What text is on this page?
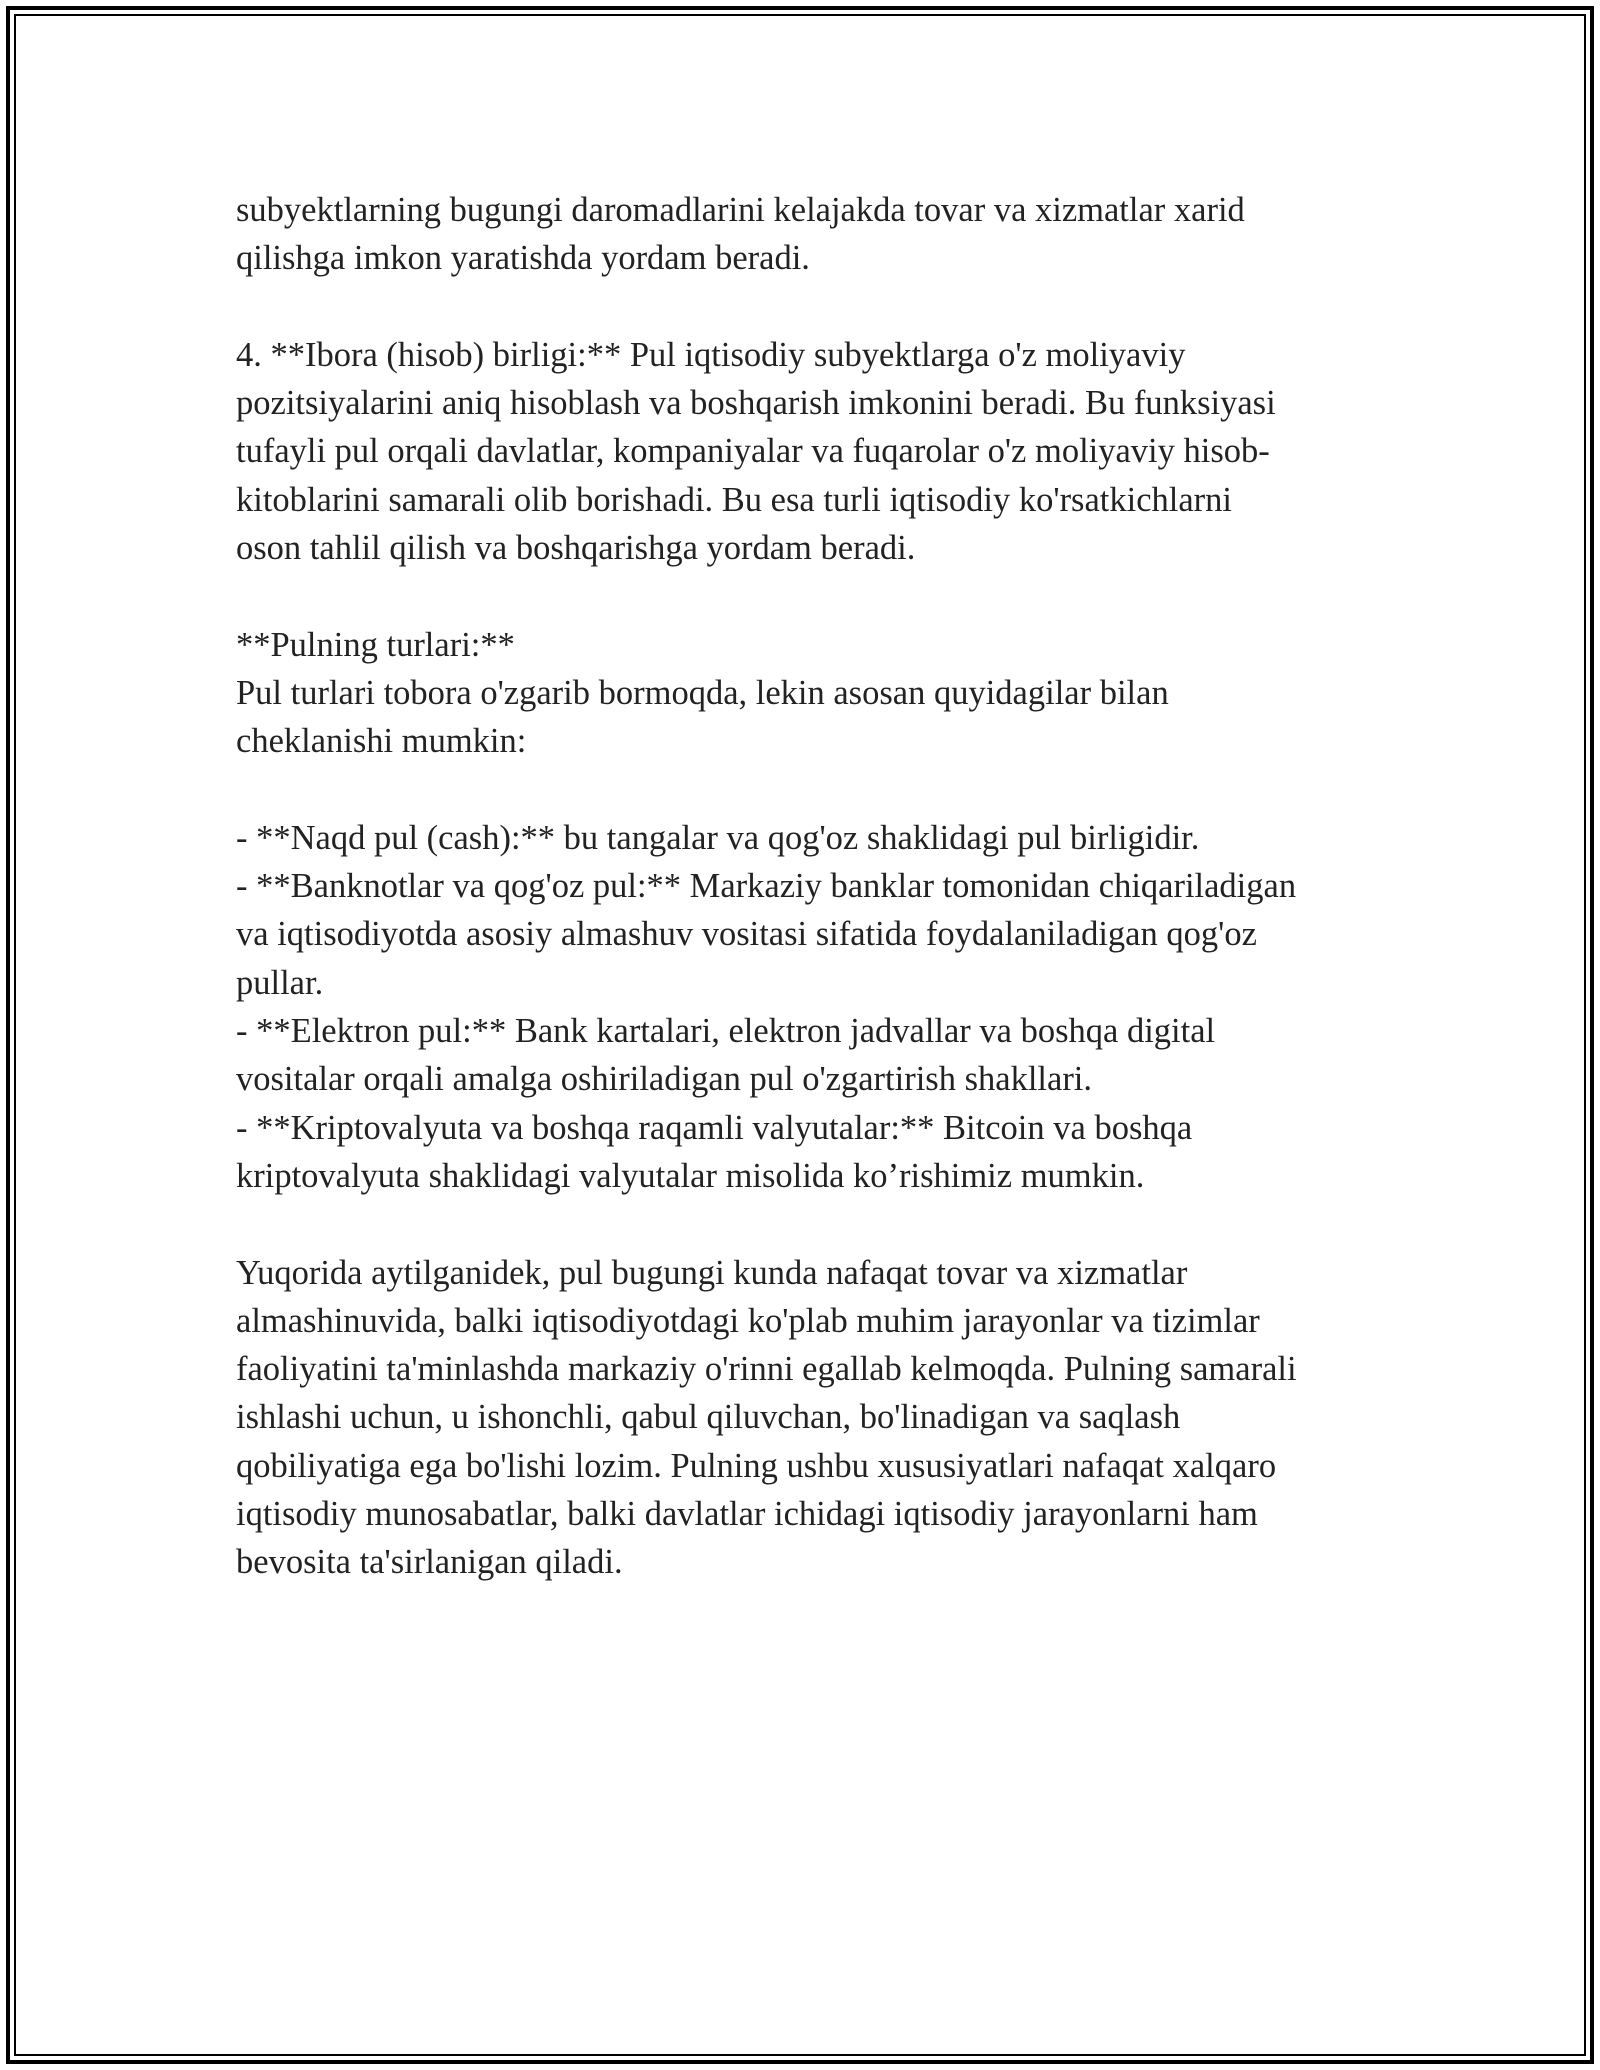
subyektlarning bugungi daromadlarini kelajakda tovar va xizmatlar xarid
qilishga imkon yaratishda yordam beradi.
4. **Ibora (hisob) birligi:** Pul iqtisodiy subyektlarga o'z moliyaviy
pozitsiyalarini aniq hisoblash va boshqarish imkonini beradi. Bu funksiyasi
tufayli pul orqali davlatlar, kompaniyalar va fuqarolar o'z moliyaviy hisob-
kitoblarini samarali olib borishadi. Bu esa turli iqtisodiy ko'rsatkichlarni
oson tahlil qilish va boshqarishga yordam beradi.
**Pulning turlari:**
Pul turlari tobora o'zgarib bormoqda, lekin asosan quyidagilar bilan
cheklanishi mumkin:
- **Naqd pul (cash):** bu tangalar va qog'oz shaklidagi pul birligidir.
- **Banknotlar va qog'oz pul:** Markaziy banklar tomonidan chiqariladigan
va iqtisodiyotda asosiy almashuv vositasi sifatida foydalaniladigan qog'oz
pullar.
- **Elektron pul:** Bank kartalari, elektron jadvallar va boshqa digital
vositalar orqali amalga oshiriladigan pul o'zgartirish shakllari.
- **Kriptovalyuta va boshqa raqamli valyutalar:** Bitcoin va boshqa
kriptovalyuta shaklidagi valyutalar misolida ko’rishimiz mumkin.
Yuqorida aytilganidek, pul bugungi kunda nafaqat tovar va xizmatlar
almashinuvida, balki iqtisodiyotdagi ko'plab muhim jarayonlar va tizimlar
faoliyatini ta'minlashda markaziy o'rinni egallab kelmoqda. Pulning samarali
ishlashi uchun, u ishonchli, qabul qiluvchan, bo'linadigan va saqlash
qobiliyatiga ega bo'lishi lozim. Pulning ushbu xususiyatlari nafaqat xalqaro
iqtisodiy munosabatlar, balki davlatlar ichidagi iqtisodiy jarayonlarni ham
bevosita ta'sirlanigan qiladi.
